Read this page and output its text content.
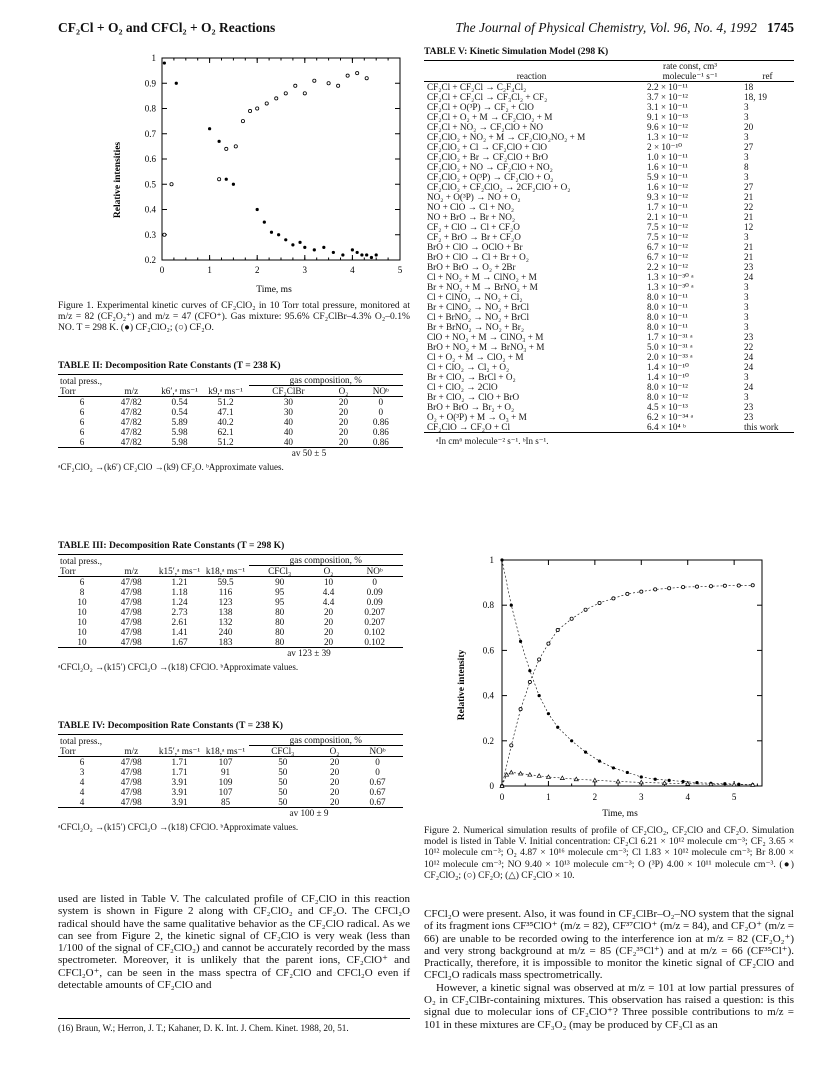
CF₂Cl + O₂ and CFCl₂ + O₂ Reactions	The Journal of Physical Chemistry, Vol. 96, No. 4, 1992 1745
0	1	2	3	4	5
0.2
0.3
0.4
0.5
0.6
0.7
0.8
0.9
1
Relative intensities
Time, ms
Figure 1. Experimental kinetic curves of CF₂ClO₂ in 10 Torr total pressure, monitored at m/z = 82 (CF₂O₂⁺) and m/z = 47 (CFO⁺). Gas mixture: 95.6% CF₂ClBr–4.3% O₂–0.1% NO. T = 298 K. (●) CF₂ClO₂; (○) CF₂O.
TABLE II: Decomposition Rate Constants (T = 238 K)
total press., Torr	m/z	k6′,ᵃ ms⁻¹	k9,ᵃ ms⁻¹	gas composition, %		
				CF₂ClBr	O₂	NOᵇ
6	47/82	0.54	51.2	30	20	0
6	47/82	0.54	47.1	30	20	0
6	47/82	5.89	40.2	40	20	0.86
6	47/82	5.98	62.1	40	20	0.86
6	47/82	5.98	51.2	40	20	0.86
av 50 ± 5
ᵃCF₂ClO₂ →(k6′) CF₂ClO →(k9) CF₂O. ᵇApproximate values.
TABLE III: Decomposition Rate Constants (T = 298 K)
total press., Torr	m/z	k15′,ᵃ ms⁻¹	k18,ᵃ ms⁻¹	gas composition, %		
				CFCl₃	O₂	NOᵇ
6	47/98	1.21	59.5	90	10	0
8	47/98	1.18	116	95	4.4	0.09
10	47/98	1.24	123	95	4.4	0.09
10	47/98	2.73	138	80	20	0.207
10	47/98	2.61	132	80	20	0.207
10	47/98	1.41	240	80	20	0.102
10	47/98	1.67	183	80	20	0.102
av 123 ± 39
ᵃCFCl₂O₂ →(k15′) CFCl₂O →(k18) CFClO. ᵇApproximate values.
TABLE IV: Decomposition Rate Constants (T = 238 K)
total press., Torr	m/z	k15′,ᵃ ms⁻¹	k18,ᵃ ms⁻¹	gas composition, %		
				CFCl₃	O₂	NOᵇ
6	47/98	1.71	107	50	20	0
3	47/98	1.71	91	50	20	0
4	47/98	3.91	109	50	20	0.67
4	47/98	3.91	107	50	20	0.67
4	47/98	3.91	85	50	20	0.67
av 100 ± 9
ᵃCFCl₂O₂ →(k15′) CFCl₂O →(k18) CFClO. ᵇApproximate values.

used are listed in Table V. The calculated profile of CF₂ClO in this reaction system is shown in Figure 2 along with CF₂ClO₂ and CF₂O. The CFCl₂O radical should have the same qualitative behavior as the CF₂ClO radical. As we can see from Figure 2, the kinetic signal of CF₂ClO is very weak (less than 1/100 of the signal of CF₂ClO₂) and cannot be accurately recorded by the mass spectrometer. Moreover, it is unlikely that the parent ions, CF₂ClO⁺ and CFCl₂O⁺, can be seen in the mass spectra of CF₂ClO and CFCl₂O even if detectable amounts of CF₂ClO and

(16) Braun, W.; Herron, J. T.; Kahaner, D. K. Int. J. Chem. Kinet. 1988, 20, 51.
TABLE V: Kinetic Simulation Model (298 K)
reaction	rate const, cm³ molecule⁻¹ s⁻¹	ref
CF₂Cl + CF₂Cl → C₂F₄Cl₂	2.2 × 10⁻¹¹	18
CF₂Cl + CF₂Cl → CF₃Cl₂ + CF₂	3.7 × 10⁻¹²	18, 19
CF₂Cl + O(³P) → CF₂ + ClO	3.1 × 10⁻¹¹	3
CF₂Cl + O₂ + M → CF₂ClO₂ + M	9.1 × 10⁻¹³	3
CF₂Cl + NO₂ → CF₂ClO + NO	9.6 × 10⁻¹²	20
CF₂ClO₂ + NO₂ + M → CF₂ClO₂NO₂ + M	1.3 × 10⁻¹²	3
CF₂ClO₂ + Cl → CF₂ClO + ClO	2 × 10⁻¹⁰	27
CF₂ClO₂ + Br → CF₂ClO + BrO	1.0 × 10⁻¹¹	3
CF₂ClO₂ + NO → CF₂ClO + NO₂	1.6 × 10⁻¹¹	8
CF₂ClO₂ + O(³P) → CF₂ClO + O₂	5.9 × 10⁻¹¹	3
CF₂ClO₂ + CF₂ClO₂ → 2CF₂ClO + O₂	1.6 × 10⁻¹²	27
NO₂ + O(³P) → NO + O₂	9.3 × 10⁻¹²	21
NO + ClO → Cl + NO₂	1.7 × 10⁻¹¹	22
NO + BrO → Br + NO₂	2.1 × 10⁻¹¹	21
CF₂ + ClO → Cl + CF₂O	7.5 × 10⁻¹²	12
CF₂ + BrO → Br + CF₂O	7.5 × 10⁻¹²	3
BrO + ClO → OClO + Br	6.7 × 10⁻¹²	21
BrO + ClO → Cl + Br + O₂	6.7 × 10⁻¹²	21
BrO + BrO → O₂ + 2Br	2.2 × 10⁻¹²	23
Cl + NO₂ + M → ClNO₂ + M	1.3 × 10⁻³⁰ ᵃ	24
Br + NO₂ + M → BrNO₂ + M	1.3 × 10⁻³⁰ ᵃ	3
Cl + ClNO₂ → NO₂ + Cl₂	8.0 × 10⁻¹¹	3
Br + ClNO₂ → NO₂ + BrCl	8.0 × 10⁻¹¹	3
Cl + BrNO₂ → NO₂ + BrCl	8.0 × 10⁻¹¹	3
Br + BrNO₂ → NO₂ + Br₂	8.0 × 10⁻¹¹	3
ClO + NO₂ + M → ClNO₃ + M	1.7 × 10⁻³¹ ᵃ	23
BrO + NO₂ + M → BrNO₃ + M	5.0 × 10⁻³¹ ᵃ	22
Cl + O₂ + M → ClO₂ + M	2.0 × 10⁻³³ ᵃ	24
Cl + ClO₂ → Cl₂ + O₂	1.4 × 10⁻¹⁰	24
Br + ClO₂ → BrCl + O₂	1.4 × 10⁻¹⁰	3
Cl + ClO₂ → 2ClO	8.0 × 10⁻¹²	24
Br + ClO₂ → ClO + BrO	8.0 × 10⁻¹²	3
BrO + BrO → Br₂ + O₂	4.5 × 10⁻¹³	23
O₂ + O(³P) + M → O₃ + M	6.2 × 10⁻³⁴ ᵃ	23
CF₂ClO → CF₂O + Cl	6.4 × 10⁴ ᵇ	this work
ᵃIn cm⁶ molecule⁻² s⁻¹. ᵇIn s⁻¹.
0	1	2	3	4	5
0
0.2
0.4
0.6
0.8
1
Relative intensity
Time, ms
Figure 2. Numerical simulation results of profile of CF₂ClO₂, CF₂ClO and CF₂O. Simulation model is listed in Table V. Initial concentration: CF₂Cl 6.21 × 10¹² molecule cm⁻³; CF₂ 3.65 × 10¹² molecule cm⁻³; O₂ 4.87 × 10¹⁶ molecule cm⁻³; Cl 1.83 × 10¹² molecule cm⁻³; Br 8.00 × 10¹² molecule cm⁻³; NO 9.40 × 10¹³ molecule cm⁻³; O (³P) 4.00 × 10¹¹ molecule cm⁻³. (●) CF₂ClO₂; (○) CF₂O; (△) CF₂ClO × 10.

CFCl₂O were present. Also, it was found in CF₂ClBr–O₂–NO system that the signal of its fragment ions CF³⁵ClO⁺ (m/z = 82), CF³⁷ClO⁺ (m/z = 84), and CF₂O⁺ (m/z = 66) are unable to be recorded owing to the interference ion at m/z = 82 (CF₂O₂⁺) and very strong background at m/z = 85 (CF₂³⁵Cl⁺) and at m/z = 66 (CF³⁵Cl⁺). Practically, therefore, it is impossible to monitor the kinetic signal of CF₂ClO and CFCl₂O radicals mass spectrometrically.

However, a kinetic signal was observed at m/z = 101 at low partial pressures of O₂ in CF₂ClBr-containing mixtures. This observation has raised a question: is this signal due to molecular ions of CF₂ClO⁺? Three possible contributions to m/z = 101 in these mixtures are CF₃O₂ (may be produced by CF₃Cl as an
